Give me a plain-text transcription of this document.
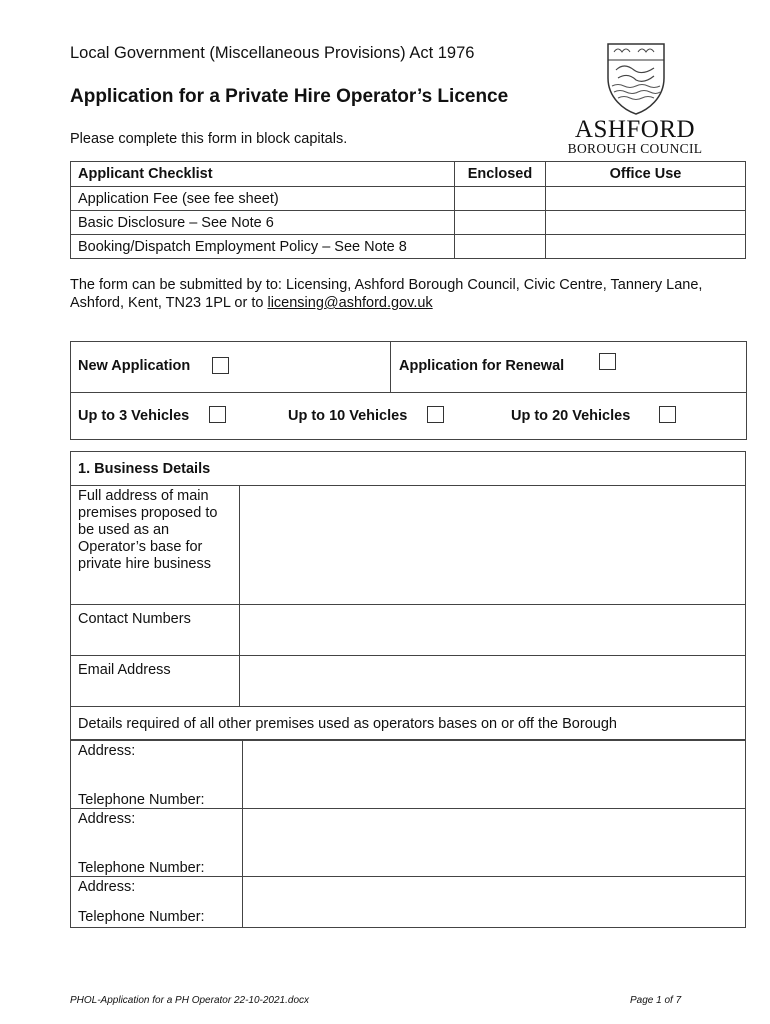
Local Government (Miscellaneous Provisions) Act 1976
Application for a Private Hire Operator’s Licence
Please complete this form in block capitals.	ASHFORD
BOROUGH COUNCIL
Applicant Checklist	Enclosed	Office Use
Application Fee (see fee sheet)		
Basic Disclosure – See Note 6		
Booking/Dispatch Employment Policy – See Note 8		
The form can be submitted by to: Licensing, Ashford Borough Council, Civic Centre, Tannery Lane, Ashford, Kent, TN23 1PL or to licensing@ashford.gov.uk
New Application	Application for Renewal
Up to 3 Vehicles	Up to 10 Vehicles	Up to 20 Vehicles
1. Business Details	
Full address of main premises proposed to be used as an Operator’s base for private hire business	
Contact Numbers	
Email Address	
Details required of all other premises used as operators bases on or off the Borough	
Address:
Telephone Number:	

Address:
Telephone Number:	

Address:
Telephone Number:	

PHOL-Application for a PH Operator 22-10-2021.docx	Page 1 of 7
